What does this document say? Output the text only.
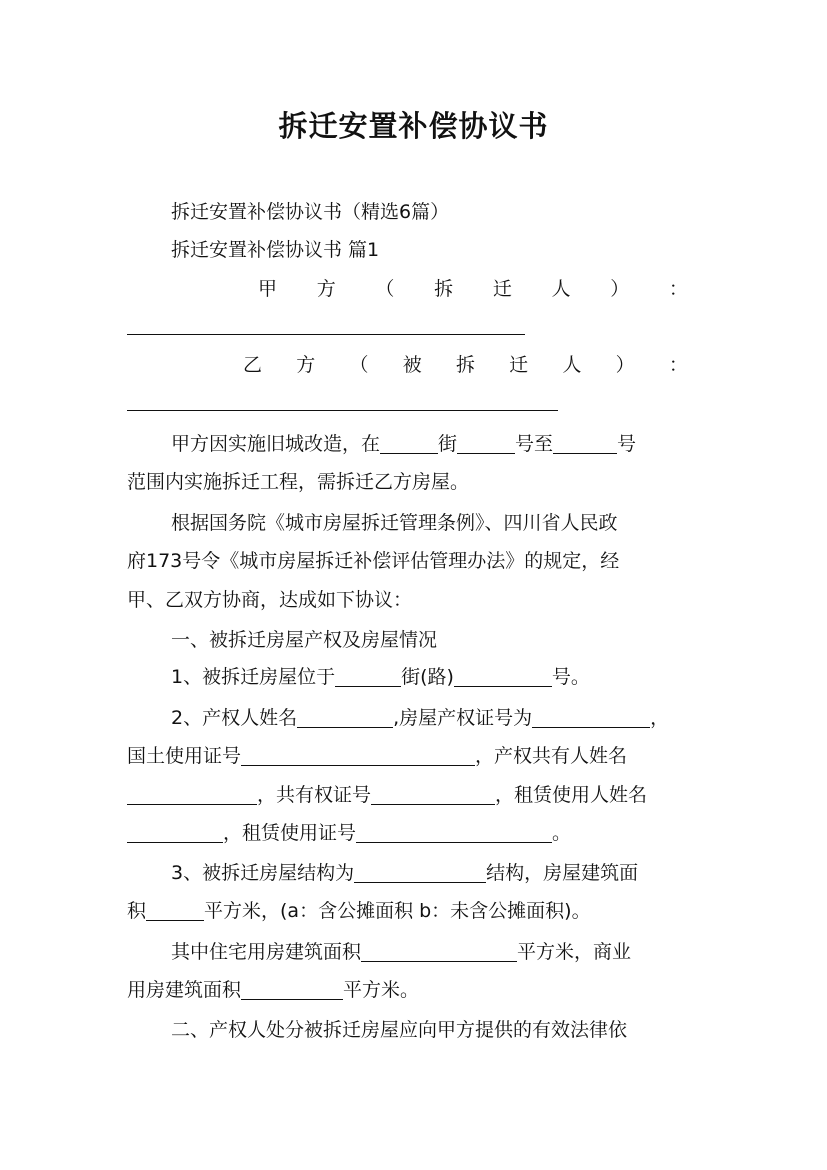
拆迁安置补偿协议书
拆迁安置补偿协议书（精选6篇）
拆迁安置补偿协议书 篇1
甲 方 （ 拆 迁 人 ） ：
乙 方 （ 被 拆 迁 人 ） ：
甲方因实施旧城改造，在	街	号至	号
范围内实施拆迁工程，需拆迁乙方房屋。
根据国务院《城市房屋拆迁管理条例》、四川省人民政
府173号令《城市房屋拆迁补偿评估管理办法》的规定，经
甲、乙双方协商，达成如下协议：
一、被拆迁房屋产权及房屋情况
1、被拆迁房屋位于	街(路)	号。
2、产权人姓名	,房屋产权证号为	，
国土使用证号	，产权共有人姓名
，共有权证号	，租赁使用人姓名
，租赁使用证号	。
3、被拆迁房屋结构为	结构，房屋建筑面
积	平方米，(a：含公摊面积 b：未含公摊面积)。
其中住宅用房建筑面积	平方米，商业
用房建筑面积	平方米。
二、产权人处分被拆迁房屋应向甲方提供的有效法律依
